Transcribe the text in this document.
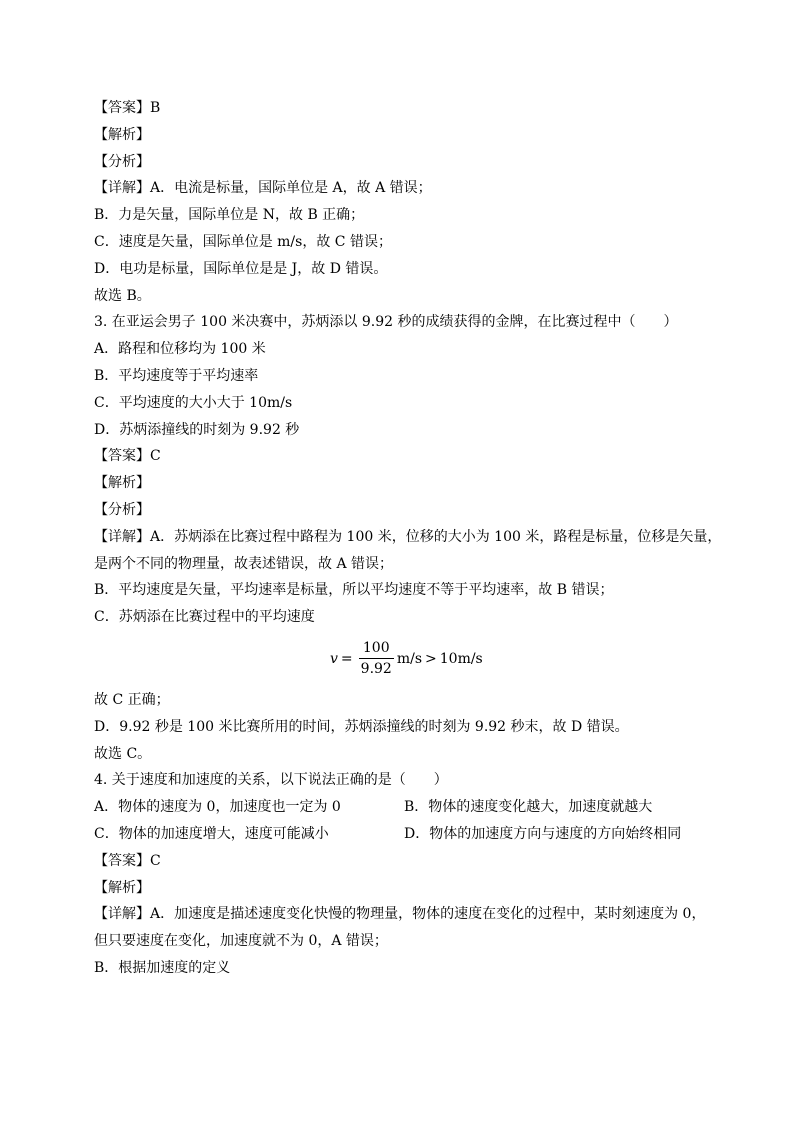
【答案】B
【解析】
【分析】
【详解】A．电流是标量，国际单位是 A，故 A 错误；
B．力是矢量，国际单位是 N，故 B 正确；
C．速度是矢量，国际单位是 m/s，故 C 错误；
D．电功是标量，国际单位是是 J，故 D 错误。
故选 B。
3. 在亚运会男子 100 米决赛中，苏炳添以 9.92 秒的成绩获得的金牌，在比赛过程中（　　）
A．路程和位移均为 100 米
B．平均速度等于平均速率
C．平均速度的大小大于 10m/s
D．苏炳添撞线的时刻为 9.92 秒
【答案】C
【解析】
【分析】
【详解】A．苏炳添在比赛过程中路程为 100 米，位移的大小为 100 米，路程是标量，位移是矢量，
是两个不同的物理量，故表述错误，故 A 错误；
B．平均速度是矢量，平均速率是标量，所以平均速度不等于平均速率，故 B 错误；
C．苏炳添在比赛过程中的平均速度
$v = \frac{100}{9.92} m/s > 10m/s$
故 C 正确；
D．9.92 秒是 100 米比赛所用的时间，苏炳添撞线的时刻为 9.92 秒末，故 D 错误。
故选 C。
4. 关于速度和加速度的关系，以下说法正确的是（　　）
A．物体的速度为 0，加速度也一定为 0	B．物体的速度变化越大，加速度就越大
C．物体的加速度增大，速度可能减小	D．物体的加速度方向与速度的方向始终相同
【答案】C
【解析】
【详解】A．加速度是描述速度变化快慢的物理量，物体的速度在变化的过程中，某时刻速度为 0，
但只要速度在变化，加速度就不为 0，A 错误；
B．根据加速度的定义
